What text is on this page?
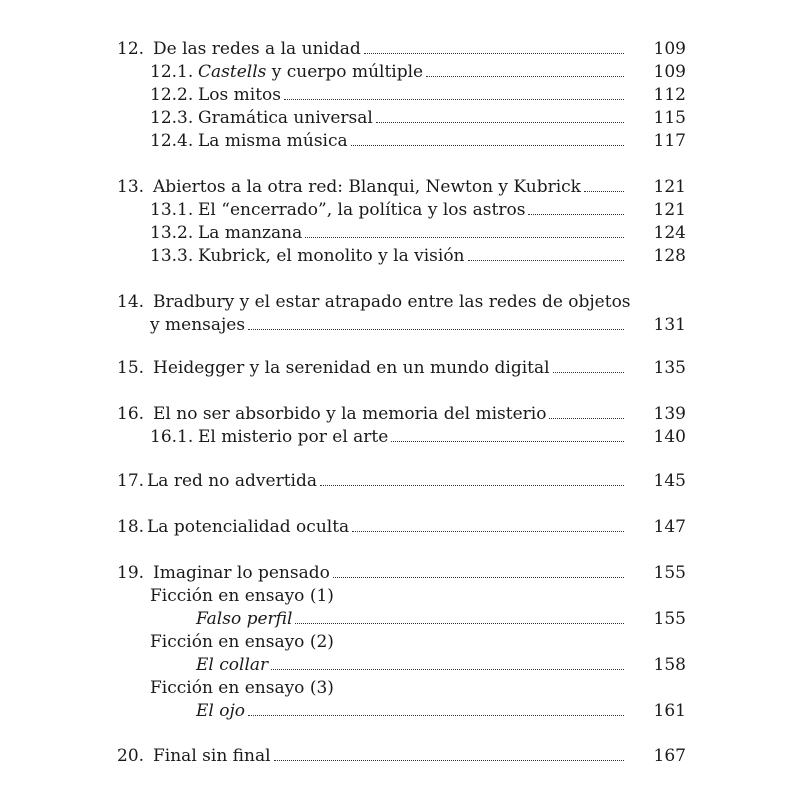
12. De las redes a la unidad	109
12.1. Castells y cuerpo múltiple	109
12.2. Los mitos	112
12.3. Gramática universal	115
12.4. La misma música	117
13. Abiertos a la otra red: Blanqui, Newton y Kubrick	121
13.1. El “encerrado”, la política y los astros	121
13.2. La manzana	124
13.3. Kubrick, el monolito y la visión	128
14. Bradbury y el estar atrapado entre las redes de objetos
y mensajes	131
15. Heidegger y la serenidad en un mundo digital	135
16. El no ser absorbido y la memoria del misterio	139
16.1. El misterio por el arte	140
17. La red no advertida	145
18. La potencialidad oculta	147
19. Imaginar lo pensado	155
Ficción en ensayo (1)
Falso perfil	155
Ficción en ensayo (2)
El collar	158
Ficción en ensayo (3)
El ojo	161
20. Final sin final	167
